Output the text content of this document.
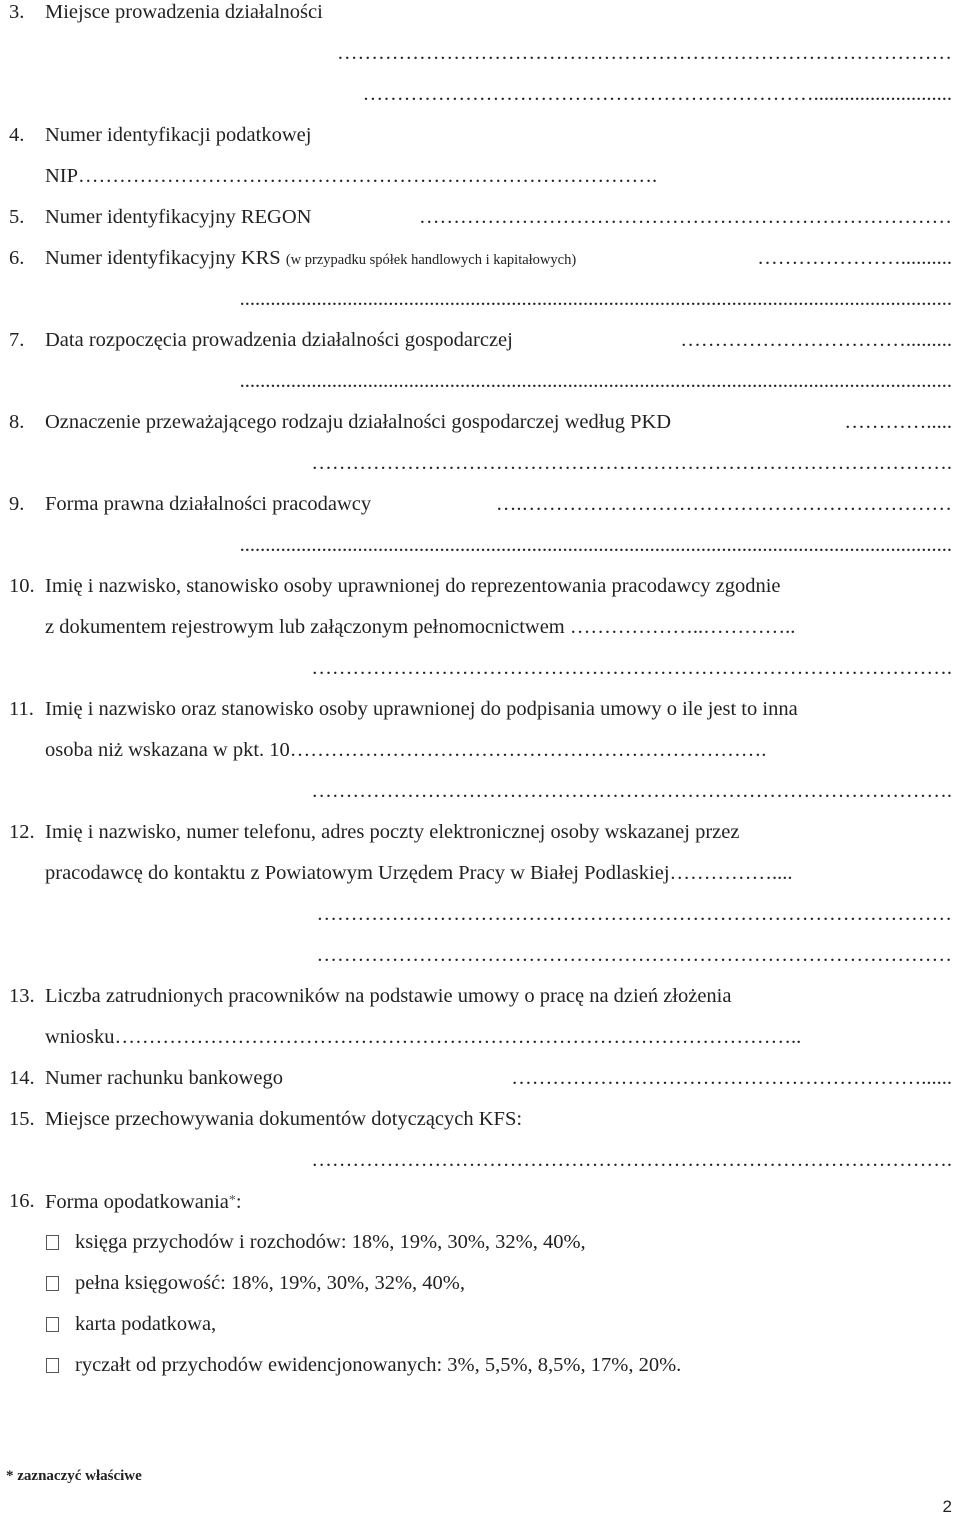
3. Miejsce prowadzenia działalności
………………………………………………………………………………
…………………………………………………………...........................
4. Numer identyfikacji podatkowej
NIP………………………………………………………………………….
5. Numer identyfikacyjny REGON	……………………………………………………………………
6. Numer identyfikacyjny KRS (w przypadku spółek handlowych i kapitałowych)	…………………..........
...........................................................................................................................................
7. Data rozpoczęcia prowadzenia działalności gospodarczej	…………………………….........
...........................................................................................................................................
8. Oznaczenie przeważającego rodzaju działalności gospodarczej według PKD	………….....
………………………………………………………………………………….
9. Forma prawna działalności pracodawcy	….………………………………………………………
...........................................................................................................................................
10. Imię i nazwisko, stanowisko osoby uprawnionej do reprezentowania pracodawcy zgodnie
z dokumentem rejestrowym lub załączonym pełnomocnictwem ………………..…………..
………………………………………………………………………………….
11. Imię i nazwisko oraz stanowisko osoby uprawnionej do podpisania umowy o ile jest to inna
osoba niż wskazana w pkt. 10…………………………………………………………….
………………………………………………………………………………….
12. Imię i nazwisko, numer telefonu, adres poczty elektronicznej osoby wskazanej przez
pracodawcę do kontaktu z Powiatowym Urzędem Pracy w Białej Podlaskiej……………....
…………………………………………………………………………………
…………………………………………………………………………………
13. Liczba zatrudnionych pracowników na podstawie umowy o pracę na dzień złożenia
wniosku………………………………………………………………………………………..
14. Numer rachunku bankowego	……………………………………………………......
15. Miejsce przechowywania dokumentów dotyczących KFS:
………………………………………………………………………………….
16. Forma opodatkowania*:
księga przychodów i rozchodów: 18%, 19%, 30%, 32%, 40%,
pełna księgowość: 18%, 19%, 30%, 32%, 40%,
karta podatkowa,
ryczałt od przychodów ewidencjonowanych: 3%, 5,5%, 8,5%, 17%, 20%.
* zaznaczyć właściwe
2
